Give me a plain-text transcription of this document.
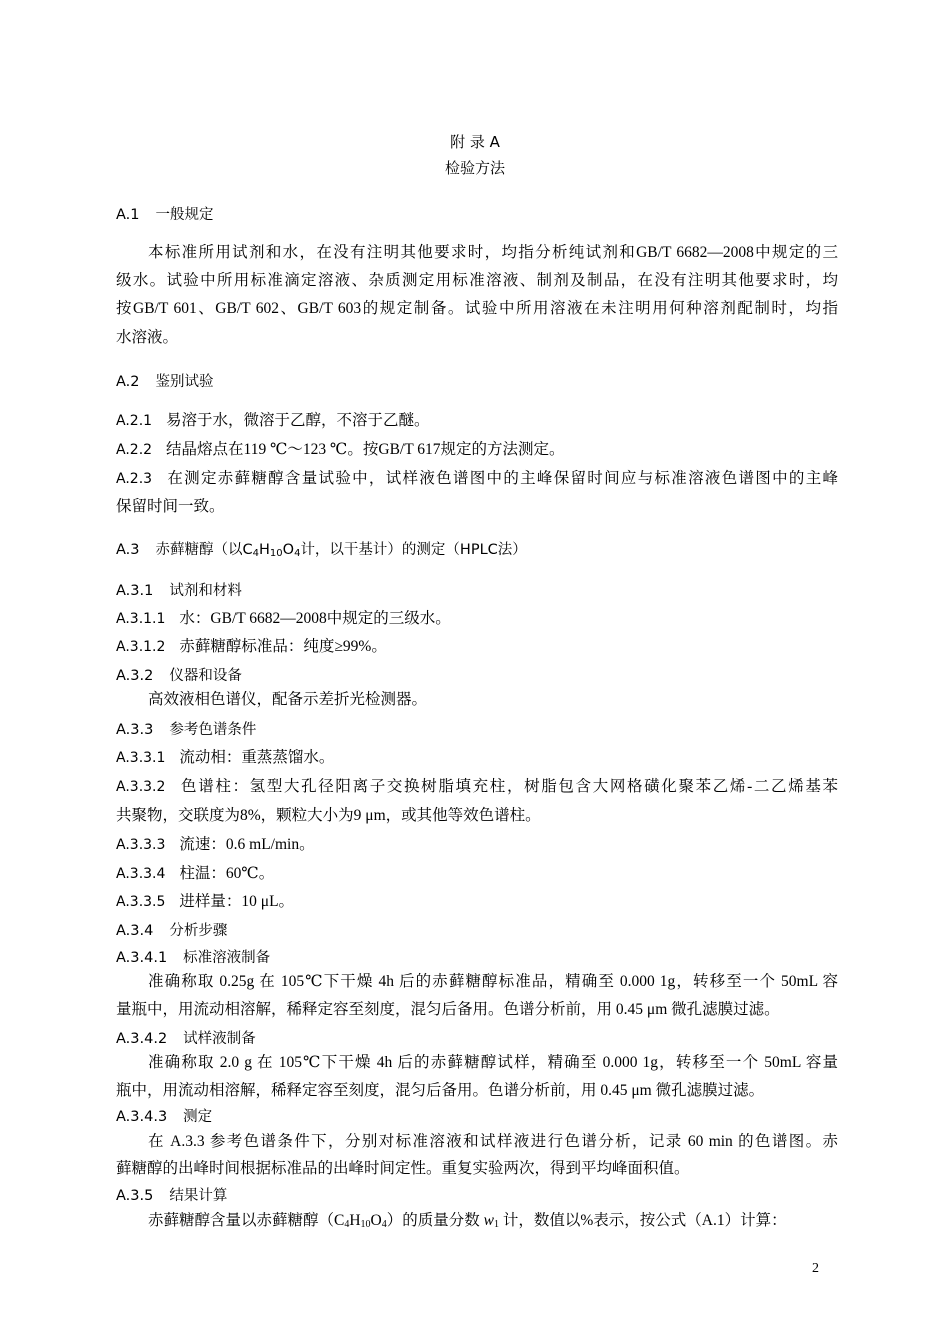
附 录 A
检验方法
A.1 一般规定
本标准所用试剂和水，在没有注明其他要求时，均指分析纯试剂和GB/T 6682—2008中规定的三
级水。试验中所用标准滴定溶液、杂质测定用标准溶液、制剂及制品，在没有注明其他要求时，均
按GB/T 601、GB/T 602、GB/T 603的规定制备。试验中所用溶液在未注明用何种溶剂配制时，均指
水溶液。
A.2 鉴别试验
A.2.1 易溶于水，微溶于乙醇，不溶于乙醚。
A.2.2 结晶熔点在119 ℃～123 ℃。按GB/T 617规定的方法测定。
A.2.3 在测定赤藓糖醇含量试验中，试样液色谱图中的主峰保留时间应与标准溶液色谱图中的主峰
保留时间一致。
A.3 赤藓糖醇（以$C_4H_{10}O_4$计，以干基计）的测定（HPLC法）
A.3.1 试剂和材料
A.3.1.1 水：GB/T 6682—2008中规定的三级水。
A.3.1.2 赤藓糖醇标准品：纯度≥99%。
A.3.2 仪器和设备
高效液相色谱仪，配备示差折光检测器。
A.3.3 参考色谱条件
A.3.3.1 流动相：重蒸蒸馏水。
A.3.3.2 色谱柱：氢型大孔径阳离子交换树脂填充柱，树脂包含大网格磺化聚苯乙烯-二乙烯基苯
共聚物，交联度为8%，颗粒大小为9 μm，或其他等效色谱柱。
A.3.3.3 流速：0.6 mL/min。
A.3.3.4 柱温：60℃。
A.3.3.5 进样量：10 μL。
A.3.4 分析步骤
A.3.4.1 标准溶液制备
准确称取 0.25g 在 105℃下干燥 4h 后的赤藓糖醇标准品，精确至 0.000 1g，转移至一个 50mL 容
量瓶中，用流动相溶解，稀释定容至刻度，混匀后备用。色谱分析前，用 0.45 μm 微孔滤膜过滤。
A.3.4.2 试样液制备
准确称取 2.0 g 在 105℃下干燥 4h 后的赤藓糖醇试样，精确至 0.000 1g，转移至一个 50mL 容量
瓶中，用流动相溶解，稀释定容至刻度，混匀后备用。色谱分析前，用 0.45 μm 微孔滤膜过滤。
A.3.4.3 测定
在 A.3.3 参考色谱条件下，分别对标准溶液和试样液进行色谱分析，记录 60 min 的色谱图。赤
藓糖醇的出峰时间根据标准品的出峰时间定性。重复实验两次，得到平均峰面积值。
A.3.5 结果计算
赤藓糖醇含量以赤藓糖醇$(C_4H_{10}O_4)$的质量分数 $w_1$ 计，数值以%表示，按公式（A.1）计算：
2
